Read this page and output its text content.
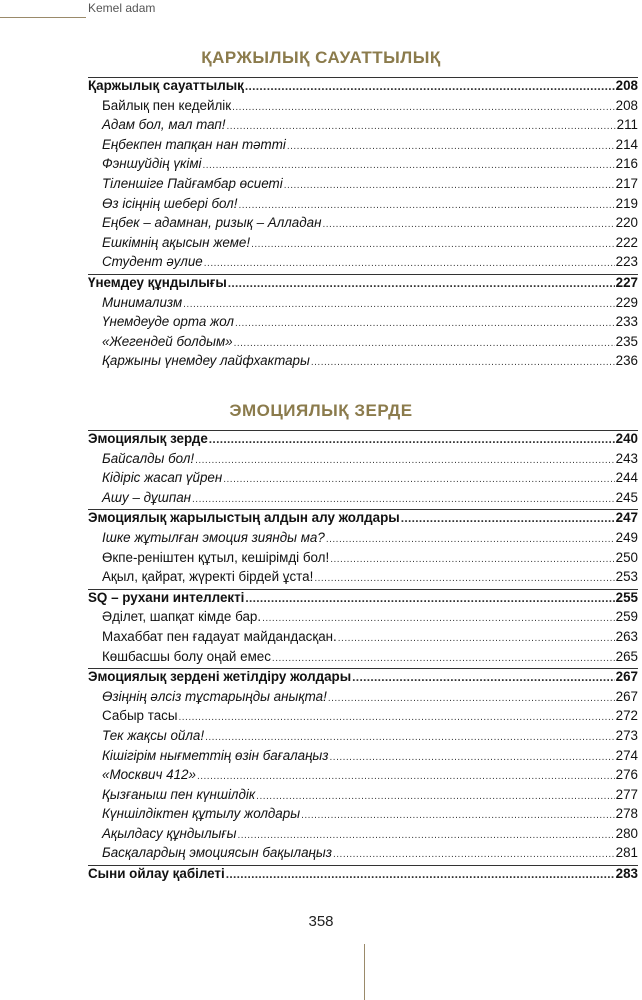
Kemel adam
ҚАРЖЫЛЫҚ САУАТТЫЛЫҚ
Қаржылық сауаттылық .....	208
Байлық пен кедейлік .....	208
Адам бол, мал тап! .....	211
Еңбекпен тапқан нан тәтті .....	214
Фэншуйдің үкімі .....	216
Тіленшіге Пайғамбар өсиеті .....	217
Өз ісіңнің шебері бол! .....	219
Еңбек – адамнан, ризық – Алладан .....	220
Ешкімнің ақысын жеме! .....	222
Студент әулие .....	223
Үнемдеу құндылығы .....	227
Минимализм .....	229
Үнемдеуде орта жол .....	233
«Жегендей болдым» .....	235
Қаржыны үнемдеу лайфхактары .....	236
ЭМОЦИЯЛЫҚ ЗЕРДЕ
Эмоциялық зерде .....	240
Байсалды бол! .....	243
Кідіріс жасап үйрен .....	244
Ашу – дұшпан .....	245
Эмоциялық жарылыстың алдын алу жолдары .....	247
Ішке жұтылған эмоция зиянды ма? .....	249
Өкпе-реніштен құтыл, кешірімді бол! .....	250
Ақыл, қайрат, жүректі бірдей ұста! .....	253
SQ – рухани интеллекті .....	255
Әділет, шапқат кімде бар. .....	259
Махаббат пен ғадауат майдандасқан. .....	263
Көшбасшы болу оңай емес .....	265
Эмоциялық зердені жетілдіру жолдары .....	267
Өзіңнің әлсіз тұстарыңды анықта! .....	267
Сабыр тасы .....	272
Тек жақсы ойла! .....	273
Кішігірім нығметтің өзін бағалаңыз .....	274
«Москвич 412» .....	276
Қызғаныш пен күншілдік .....	277
Күншілдіктен құтылу жолдары .....	278
Ақылдасу құндылығы .....	280
Басқалардың эмоциясын бақылаңыз .....	281
Сыни ойлау қабілеті .....	283
358
